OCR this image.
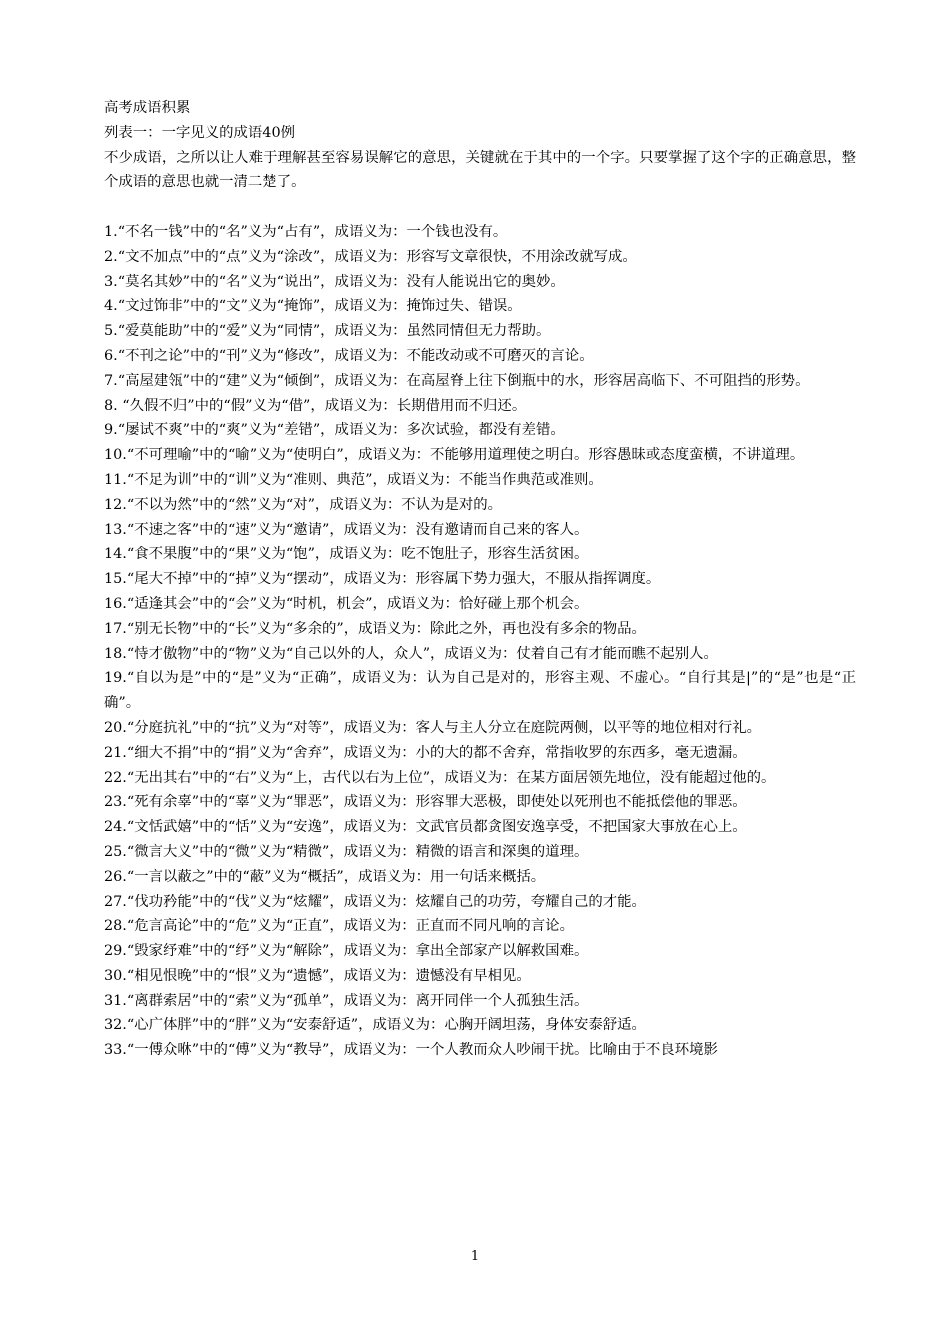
高考成语积累

列表一：一字见义的成语40例

不少成语，之所以让人难于理解甚至容易误解它的意思，关键就在于其中的一个字。只要掌握了这个字的正确意思，整个成语的意思也就一清二楚了。

1.“不名一钱”中的“名”义为“占有”，成语义为：一个钱也没有。

2.“文不加点”中的“点”义为“涂改”，成语义为：形容写文章很快，不用涂改就写成。

3.“莫名其妙”中的“名”义为“说出”，成语义为：没有人能说出它的奥妙。

4.“文过饰非”中的“文”义为“掩饰”，成语义为：掩饰过失、错误。

5.“爱莫能助”中的“爱”义为“同情”，成语义为：虽然同情但无力帮助。

6.“不刊之论”中的“刊”义为“修改”，成语义为：不能改动或不可磨灭的言论。

7.“高屋建瓴”中的“建”义为“倾倒”，成语义为：在高屋脊上往下倒瓶中的水，形容居高临下、不可阻挡的形势。

8. “久假不归”中的“假”义为“借”，成语义为：长期借用而不归还。

9.“屡试不爽”中的“爽”义为“差错”，成语义为：多次试验，都没有差错。

10.“不可理喻”中的“喻”义为“使明白”，成语义为：不能够用道理使之明白。形容愚昧或态度蛮横，不讲道理。

11.“不足为训”中的“训”义为“准则、典范”，成语义为：不能当作典范或准则。

12.“不以为然”中的“然”义为“对”，成语义为：不认为是对的。

13.“不速之客”中的“速”义为“邀请”，成语义为：没有邀请而自己来的客人。

14.“食不果腹”中的“果”义为“饱”，成语义为：吃不饱肚子，形容生活贫困。

15.“尾大不掉”中的“掉”义为“摆动”，成语义为：形容属下势力强大，不服从指挥调度。

16.“适逢其会”中的“会”义为“时机，机会”，成语义为：恰好碰上那个机会。

17.“别无长物”中的“长”义为“多余的”，成语义为：除此之外，再也没有多余的物品。

18.“恃才傲物”中的“物”义为“自己以外的人，众人”，成语义为：仗着自己有才能而瞧不起别人。

19.“自以为是”中的“是”义为“正确”，成语义为：认为自己是对的，形容主观、不虚心。“自行其是|”的“是”也是“正确”。

20.“分庭抗礼”中的“抗”义为“对等”，成语义为：客人与主人分立在庭院两侧，以平等的地位相对行礼。

21.“细大不捐”中的“捐”义为“舍弃”，成语义为：小的大的都不舍弃，常指收罗的东西多，毫无遗漏。

22.“无出其右”中的“右”义为“上，古代以右为上位”，成语义为：在某方面居领先地位，没有能超过他的。

23.“死有余辜”中的“辜”义为“罪恶”，成语义为：形容罪大恶极，即使处以死刑也不能抵偿他的罪恶。

24.“文恬武嬉”中的“恬”义为“安逸”，成语义为：文武官员都贪图安逸享受，不把国家大事放在心上。

25.“微言大义”中的“微”义为“精微”，成语义为：精微的语言和深奥的道理。

26.“一言以蔽之”中的“蔽”义为“概括”，成语义为：用一句话来概括。

27.“伐功矜能”中的“伐”义为“炫耀”，成语义为：炫耀自己的功劳，夸耀自己的才能。

28.“危言高论”中的“危”义为“正直”，成语义为：正直而不同凡响的言论。

29.“毁家纾难”中的“纾”义为“解除”，成语义为：拿出全部家产以解救国难。

30.“相见恨晚”中的“恨”义为“遗憾”，成语义为：遗憾没有早相见。

31.“离群索居”中的“索”义为“孤单”，成语义为：离开同伴一个人孤独生活。

32.“心广体胖”中的“胖”义为“安泰舒适”，成语义为：心胸开阔坦荡，身体安泰舒适。

33.“一傅众咻”中的“傅”义为“教导”，成语义为：一个人教而众人吵闹干扰。比喻由于不良环境影

1
